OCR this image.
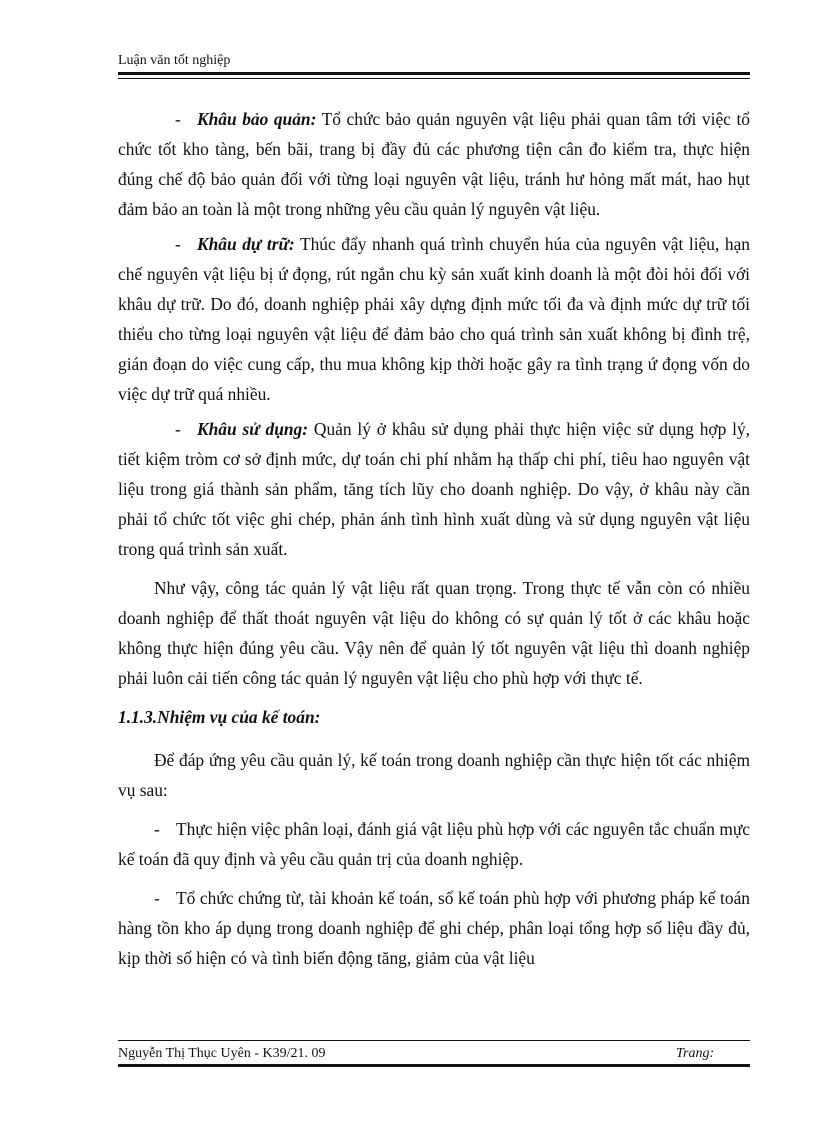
Luận văn tốt nghiệp

- Khâu bảo quản: Tổ chức bảo quản nguyên vật liệu phải quan tâm tới việc tổ chức tốt kho tàng, bến bãi, trang bị đầy đủ các phương tiện cân đo kiểm tra, thực hiện đúng chế độ bảo quản đối với từng loại nguyên vật liệu, tránh hư hỏng mất mát, hao hụt đảm bảo an toàn là một trong những yêu cầu quản lý nguyên vật liệu.

- Khâu dự trữ: Thúc đẩy nhanh quá trình chuyển húa của nguyên vật liệu, hạn chế nguyên vật liệu bị ứ đọng, rút ngắn chu kỳ sản xuất kinh doanh là một đòi hỏi đối với khâu dự trữ. Do đó, doanh nghiệp phải xây dựng định mức tối đa và định mức dự trữ tối thiểu cho từng loại nguyên vật liệu để đảm bảo cho quá trình sản xuất không bị đình trệ, gián đoạn do việc cung cấp, thu mua không kịp thời hoặc gây ra tình trạng ứ đọng vốn do việc dự trữ quá nhiều.

- Khâu sử dụng: Quản lý ở khâu sử dụng phải thực hiện việc sử dụng hợp lý, tiết kiệm tròm cơ sở định mức, dự toán chi phí nhằm hạ thấp chi phí, tiêu hao nguyên vật liệu trong giá thành sản phẩm, tăng tích lũy cho doanh nghiệp. Do vậy, ở khâu này cần phải tổ chức tốt việc ghi chép, phản ánh tình hình xuất dùng và sử dụng nguyên vật liệu trong quá trình sản xuất.

Như vậy, công tác quản lý vật liệu rất quan trọng. Trong thực tế vẫn còn có nhiều doanh nghiệp để thất thoát nguyên vật liệu do không có sự quản lý tốt ở các khâu hoặc không thực hiện đúng yêu cầu. Vậy nên để quản lý tốt nguyên vật liệu thì doanh nghiệp phải luôn cải tiến công tác quản lý nguyên vật liệu cho phù hợp với thực tế.

1.1.3.Nhiệm vụ của kế toán:

Để đáp ứng yêu cầu quản lý, kế toán trong doanh nghiệp cần thực hiện tốt các nhiệm vụ sau:

- Thực hiện việc phân loại, đánh giá vật liệu phù hợp với các nguyên tắc chuẩn mực kế toán đã quy định và yêu cầu quản trị của doanh nghiệp.

- Tổ chức chứng từ, tài khoản kế toán, sổ kế toán phù hợp với phương pháp kế toán hàng tồn kho áp dụng trong doanh nghiệp để ghi chép, phân loại tổng hợp số liệu đầy đủ, kịp thời số hiện có và tình biến động tăng, giảm của vật liệu

Nguyễn Thị Thục Uyên - K39/21. 09	Trang:
